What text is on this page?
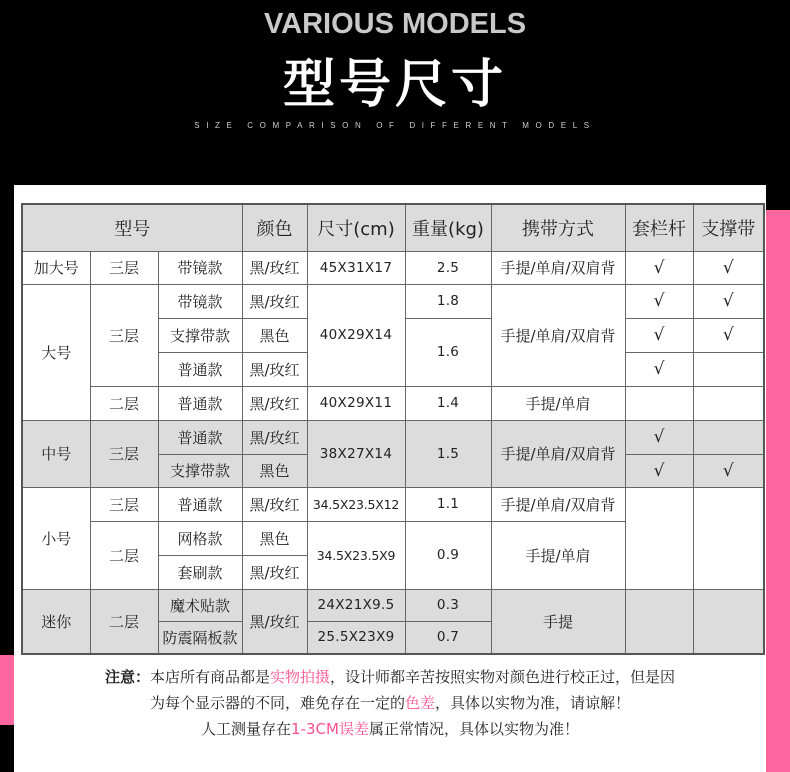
VARIOUS MODELS
型号尺寸
SIZE COMPARISON OF DIFFERENT MODELS
型号			颜色	尺寸(cm)	重量(kg)	携带方式	套栏杆	支撑带
加大号	三层	带镜款	黑/玫红	45X31X17	2.5	手提/单肩/双肩背	√	√
大号	三层	带镜款	黑/玫红	40X29X14	1.8	手提/单肩/双肩背	√	√
		支撑带款	黑色		1.6		√	√
		普通款	黑/玫红				√	
	二层	普通款	黑/玫红	40X29X11	1.4	手提/单肩		
中号	三层	普通款	黑/玫红	38X27X14	1.5	手提/单肩/双肩背	√	
		支撑带款	黑色				√	√
小号	三层	普通款	黑/玫红	34.5X23.5X12	1.1	手提/单肩/双肩背		
	二层	网格款	黑色	34.5X23.5X9	0.9	手提/单肩		
		套刷款	黑/玫红					
迷你	二层	魔术贴款	黑/玫红	24X21X9.5	0.3	手提		
		防震隔板款		25.5X23X9	0.7			
注意：本店所有商品都是实物拍摄，设计师都辛苦按照实物对颜色进行校正过，但是因
为每个显示器的不同，难免存在一定的色差，具体以实物为准，请谅解！
人工测量存在1-3CM误差属正常情况，具体以实物为准！
